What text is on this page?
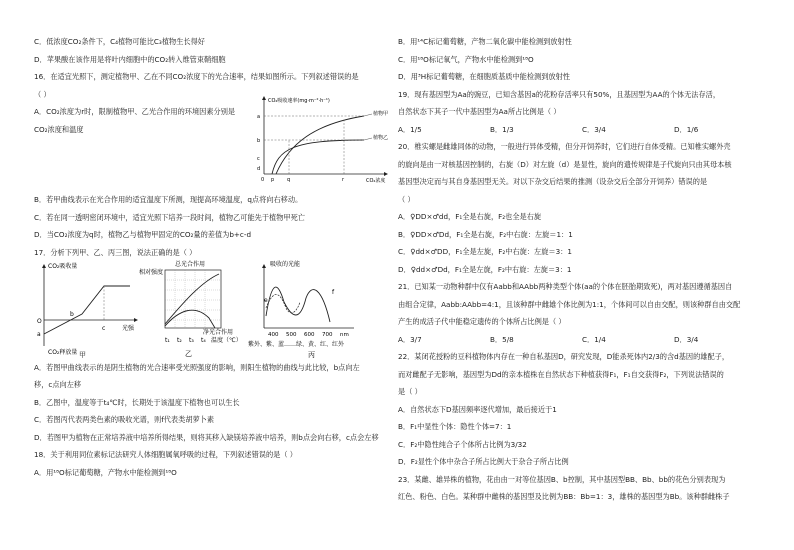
C．低浓度CO₂条件下，C₄植物可能比C₃植物生长得好
D．苹果酸在该作用是将叶内细胞中的CO₂转入维管束鞘细胞
16．在适宜光照下，测定植物甲、乙在不同CO₂浓度下的光合速率，结果如图所示。下列叙述错误的是
（ ）
A．CO₂浓度为r时，限制植物甲、乙光合作用的环境因素分别是
CO₂浓度和温度
CO₂吸收速率(mg·m⁻²·h⁻¹)
CO₂浓度
a
b
c
d
0 p	q	r
植物甲
植物乙
B．若甲曲线表示在光合作用的适宜温度下所测，现提高环境温度，q点将向右移动。
C．若在同一透明密闭环境中，适宜光照下培养一段时间，植物乙可能先于植物甲死亡
D．当CO₂浓度为q时，植物乙与植物甲固定的CO₂量的差值为b+c-d
17．分析下列甲、乙、丙三图，说法正确的是（ ）
CO₂吸收量
CO₂释放量
光强
O
a
b
c
总光合作用
相对强度
净光合作用
t₁ t₂ t₃ t₄ 温度（℃）
乙
吸收的光能
f
e
400 500 600 700 nm
紫外、紫、蓝……绿、黄、红、红外
丙
甲
A．若图甲曲线表示的是阴生植物的光合速率受光照强度的影响，则阳生植物的曲线与此比较，b点向左
移，c点向左移
B．乙图中，温度等于t₄℃时，长期处于该温度下植物也可以生长
C．若图丙代表两类色素的吸收光谱，则f代表类胡萝卜素
D．若图甲为植物在正常培养液中培养所得结果，则将其移入缺镁培养液中培养，则b点会向右移，c点会左移
18．关于利用同位素标记法研究人体细胞属氧呼吸的过程，下列叙述错误的是（ ）
A．用¹⁸O标记葡萄糖，产物水中能检测到¹⁸O
B．用¹⁴C标记葡萄糖，产物二氧化碳中能检测到放射性
C．用¹⁸O标记氧气，产物水中能检测到¹⁸O
D．用³H标记葡萄糖，在细胞质基质中能检测到放射性
19．现有基因型为Aa的豌豆，已知含基因a的花粉存活率只有50%，且基因型为AA的个体无法存活，
自然状态下其子一代中基因型为Aa所占比例是（ ）
A．1/5	B．1/3	C．3/4	D．1/6
20．椎实螺是雌雄同体的动物，一般进行异体受精，但分开饲养时，它们进行自体受精。已知椎实螺外壳
的旋向是由一对核基因控制的，右旋（D）对左旋（d）是显性，旋向的遗传规律是子代旋向只由其母本核
基因型决定而与其自身基因型无关。对以下杂交后结果的推测（设杂交后全部分开饲养）错误的是
（ ）
A．♀DD×♂dd，F₁全是右旋，F₂也全是右旋
B．♀DD×♂Dd，F₁全是右旋，F₂中右旋：左旋＝1：1
C．♀dd×♂DD，F₁全是左旋，F₂中右旋：左旋＝3：1
D．♀dd×♂Dd，F₁全是左旋，F₂中右旋：左旋＝3：1
21．已知某一动物种群中仅有Aabb和AAbb两种类型个体(aa的个体在胚胎期致死)，两对基因遵循基因自
由组合定律，Aabb:AAbb=4:1，且该种群中雌雄个体比例为1:1，个体间可以自由交配，则该种群自由交配
产生的成活子代中能稳定遗传的个体所占比例是（ ）
A．3/7	B．5/8	C．1/4	D．3/4
22．某闭花授粉的豆科植物体内存在一种自私基因D，研究发现，D能杀死体内2/3的含d基因的雄配子，
而对雌配子无影响，基因型为Dd的亲本植株在自然状态下种植获得F₁，F₁自交获得F₂，下列说法错误的
是（ ）
A．自然状态下D基因频率逐代增加，最后接近于1
B．F₁中显性个体：隐性个体=7：1
C．F₂中隐性纯合子个体所占比例为3/32
D．F₂显性个体中杂合子所占比例大于杂合子所占比例
23．某雌、雄异株的植物，花由由一对等位基因B、b控制，其中基因型BB、Bb、bb的花色分别表现为
红色、粉色、白色。某种群中雌株的基因型及比例为BB：Bb=1：3，雄株的基因型为Bb。该种群雌株子
